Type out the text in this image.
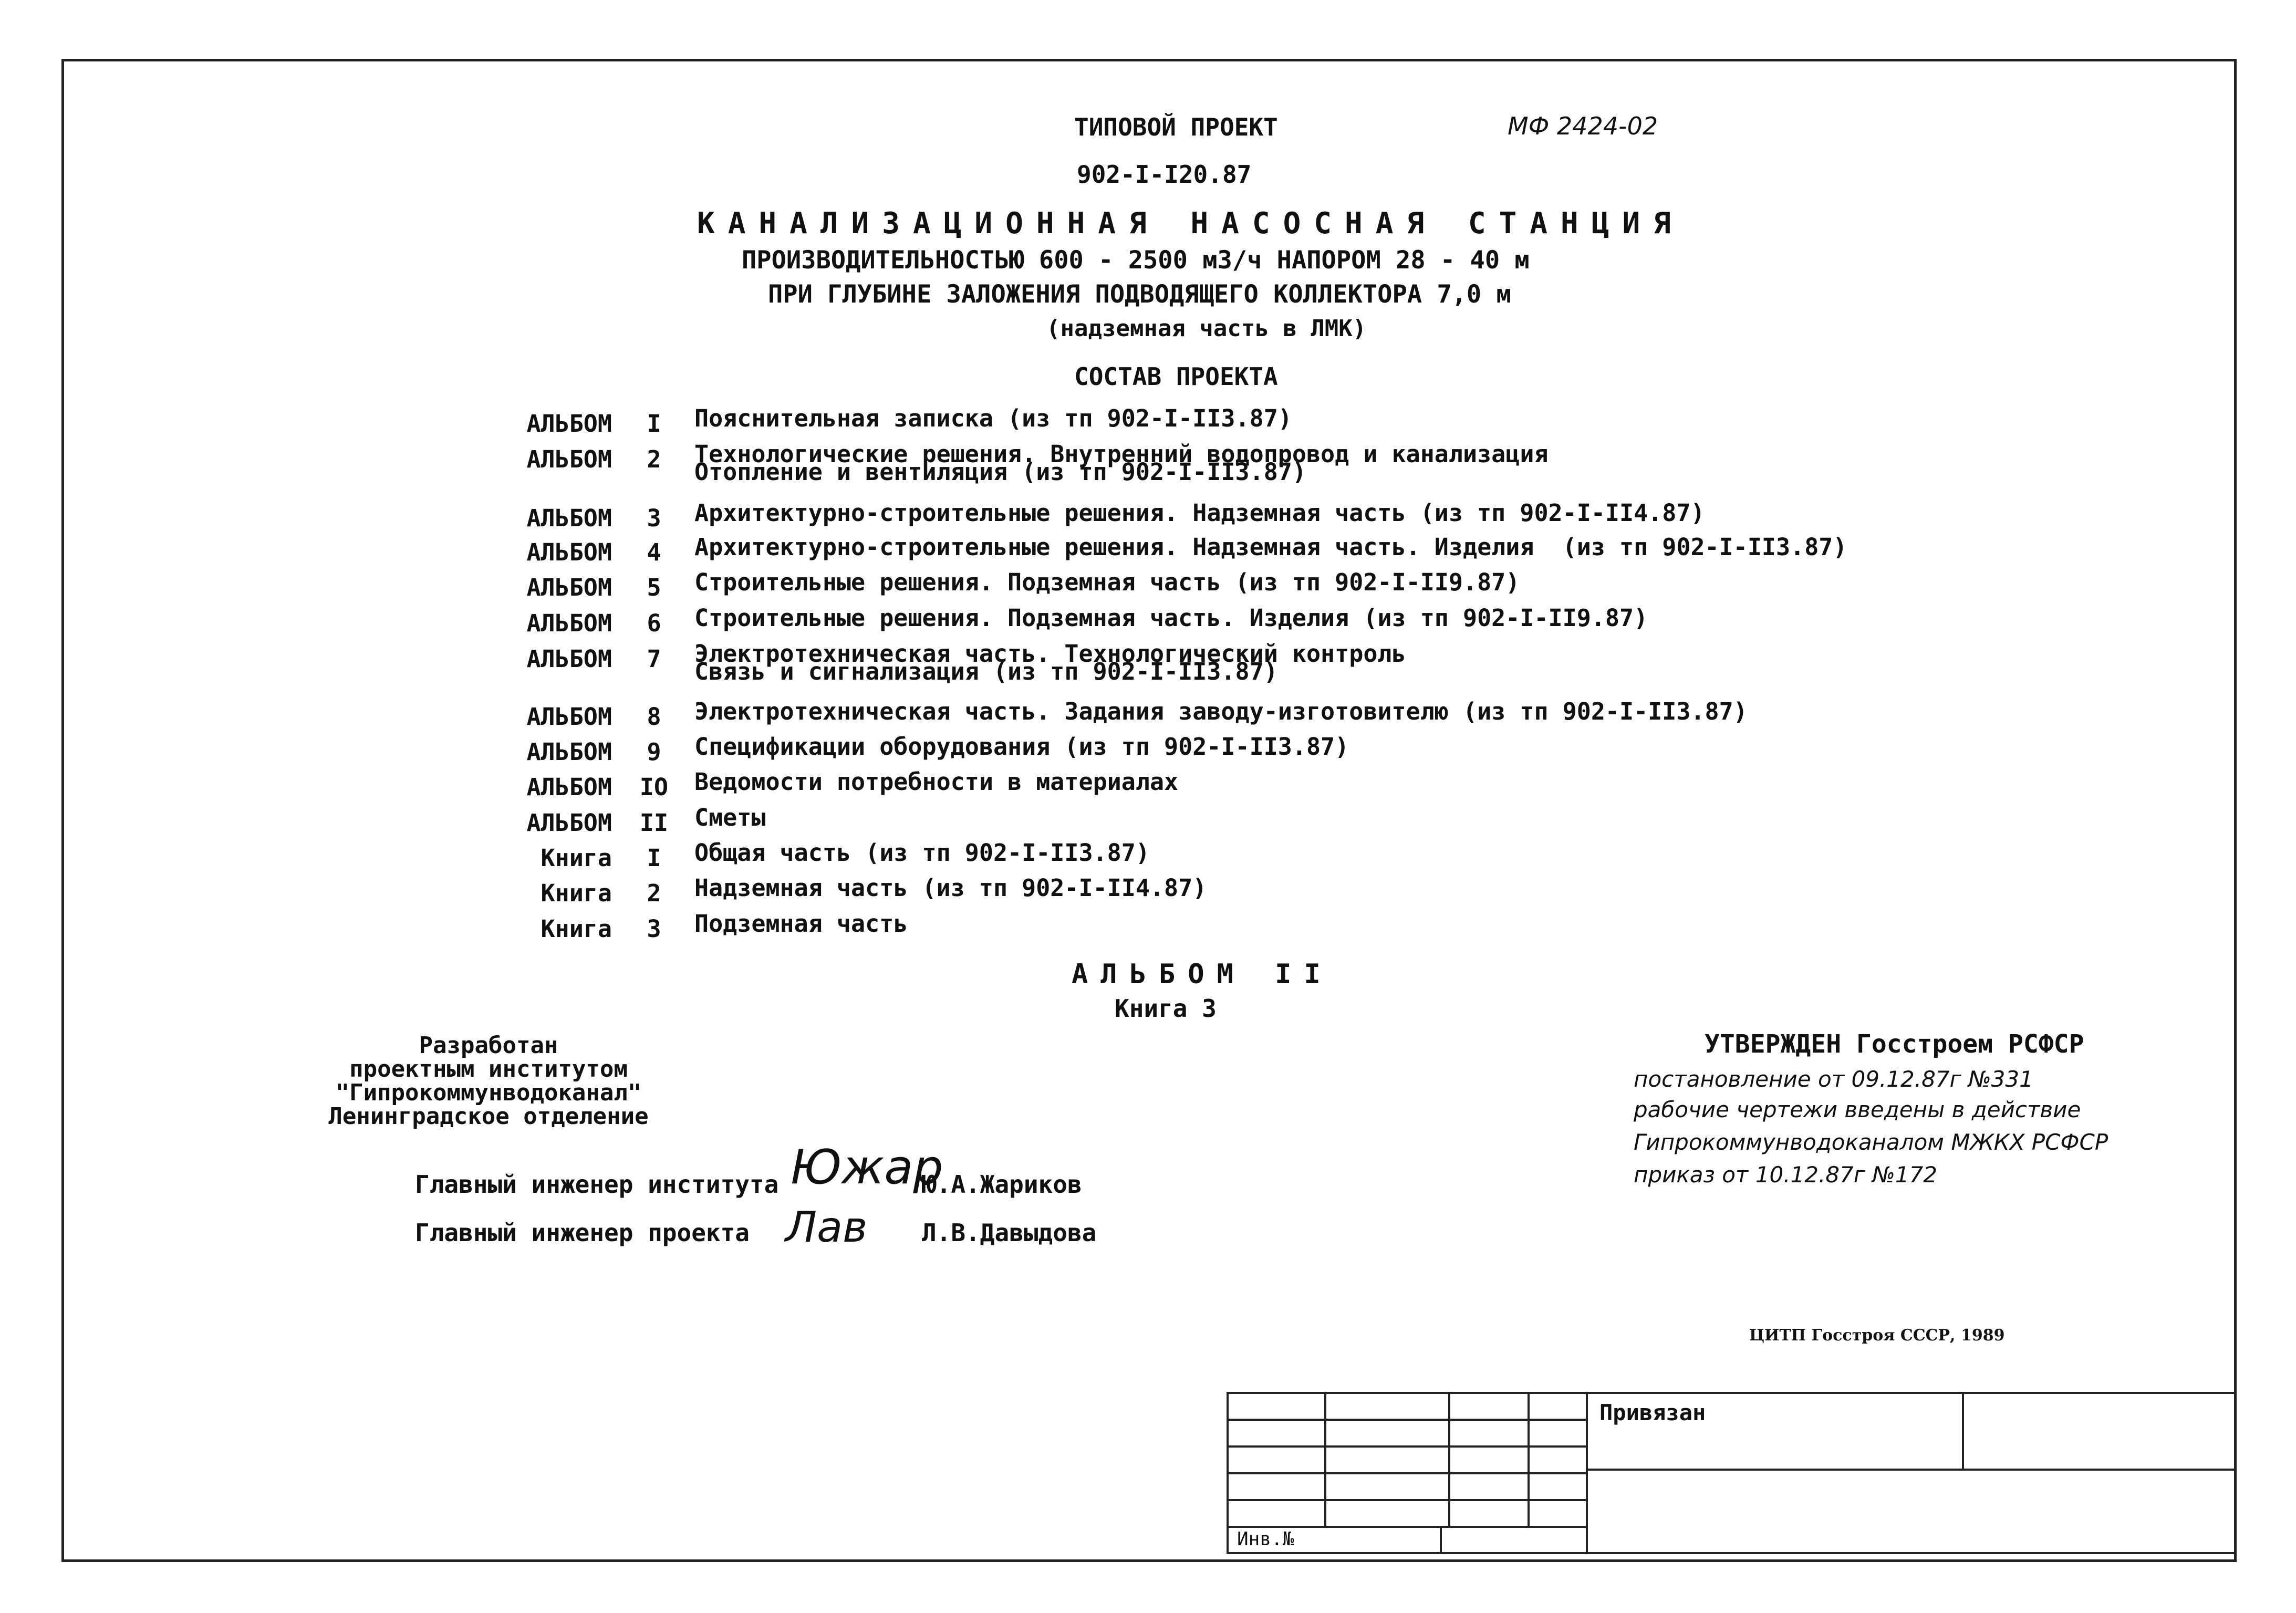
ТИПОВОЙ ПРОЕКТ	МФ 2424-02
902-I-I20.87
КАНАЛИЗАЦИОННАЯ НАСОСНАЯ СТАНЦИЯ
ПРОИЗВОДИТЕЛЬНОСТЬЮ 600 - 2500 м3/ч НАПОРОМ 28 - 40 м
ПРИ ГЛУБИНЕ ЗАЛОЖЕНИЯ ПОДВОДЯЩЕГО КОЛЛЕКТОРА 7,0 м
(надземная часть в ЛМК)
СОСТАВ ПРОЕКТА
АЛЬБОМ	I	Пояснительная записка (из тп 902-I-II3.87)
АЛЬБОМ	2	Технологические решения. Внутренний водопровод и канализация
Отопление и вентиляция (из тп 902-I-II3.87)
АЛЬБОМ	3	Архитектурно-строительные решения. Надземная часть (из тп 902-I-II4.87)
АЛЬБОМ	4	Архитектурно-строительные решения. Надземная часть. Изделия  (из тп 902-I-II3.87)
АЛЬБОМ	5	Строительные решения. Подземная часть (из тп 902-I-II9.87)
АЛЬБОМ	6	Строительные решения. Подземная часть. Изделия (из тп 902-I-II9.87)
АЛЬБОМ	7	Электротехническая часть. Технологический контроль
Связь и сигнализация (из тп 902-I-II3.87)
АЛЬБОМ	8	Электротехническая часть. Задания заводу-изготовителю (из тп 902-I-II3.87)
АЛЬБОМ	9	Спецификации оборудования (из тп 902-I-II3.87)
АЛЬБОМ IO Ведомости потребности в материалах
АЛЬБОМ II Сметы
Книга	I	Общая часть (из тп 902-I-II3.87)
Книга	2	Надземная часть (из тп 902-I-II4.87)
Книга	3	Подземная часть
АЛЬБОМ II
Книга 3
Разработан
проектным институтом
"Гипрокоммунводоканал"
Ленинградское отделение
Главный инженер института Южар
Ю.А.Жариков
Главный инженер проекта Лав Л.В.Давыдова
УТВЕРЖДЕН Госстроем РСФСР
постановление от 09.12.87г №331
рабочие чертежи введены в действие
Гипрокоммунводоканалом МЖКХ РСФСР
приказ от 10.12.87г №172
ЦИТП Госстроя СССР, 1989
Инв.№
Привязан
